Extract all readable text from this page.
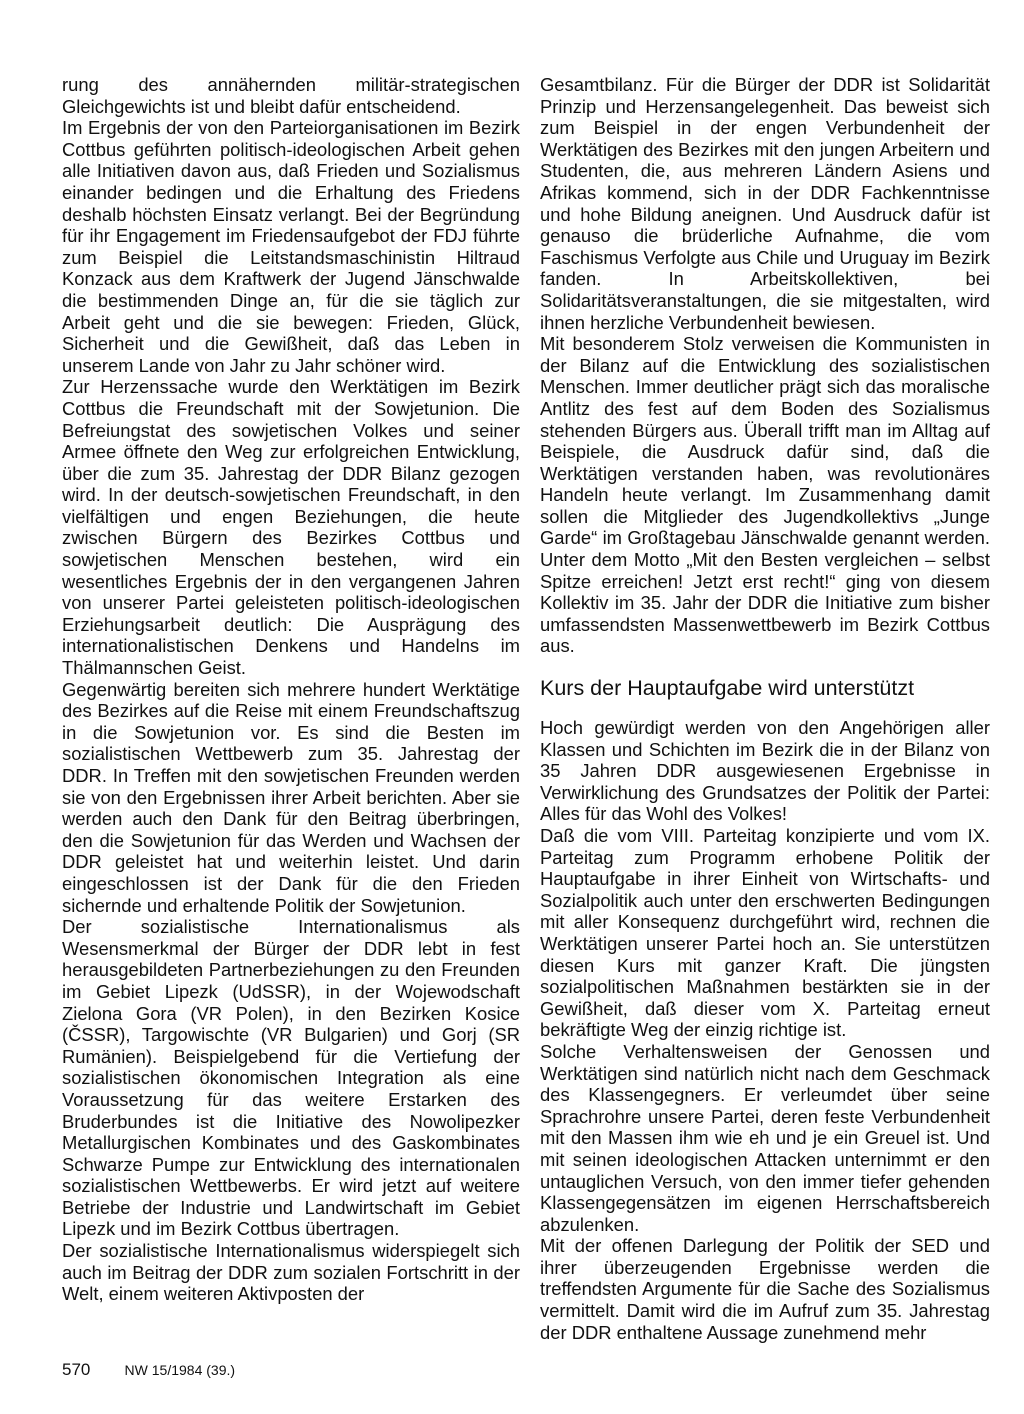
rung des annähernden militär-strategischen Gleichgewichts ist und bleibt dafür entscheidend.

Im Ergebnis der von den Parteiorganisationen im Bezirk Cottbus geführten politisch-ideologischen Arbeit gehen alle Initiativen davon aus, daß Frieden und Sozialismus einander bedingen und die Erhaltung des Friedens deshalb höchsten Einsatz verlangt. Bei der Begründung für ihr Engagement im Friedensaufgebot der FDJ führte zum Beispiel die Leitstandsmaschinistin Hiltraud Konzack aus dem Kraftwerk der Jugend Jänschwalde die bestimmenden Dinge an, für die sie täglich zur Arbeit geht und die sie bewegen: Frieden, Glück, Sicherheit und die Gewißheit, daß das Leben in unserem Lande von Jahr zu Jahr schöner wird.

Zur Herzenssache wurde den Werktätigen im Bezirk Cottbus die Freundschaft mit der Sowjetunion. Die Befreiungstat des sowjetischen Volkes und seiner Armee öffnete den Weg zur erfolgreichen Entwicklung, über die zum 35. Jahrestag der DDR Bilanz gezogen wird. In der deutsch-sowjetischen Freundschaft, in den vielfältigen und engen Beziehungen, die heute zwischen Bürgern des Bezirkes Cottbus und sowjetischen Menschen bestehen, wird ein wesentliches Ergebnis der in den vergangenen Jahren von unserer Partei geleisteten politisch-ideologischen Erziehungsarbeit deutlich: Die Ausprägung des internationalistischen Denkens und Handelns im Thälmannschen Geist.

Gegenwärtig bereiten sich mehrere hundert Werktätige des Bezirkes auf die Reise mit einem Freundschaftszug in die Sowjetunion vor. Es sind die Besten im sozialistischen Wettbewerb zum 35. Jahrestag der DDR. In Treffen mit den sowjetischen Freunden werden sie von den Ergebnissen ihrer Arbeit berichten. Aber sie werden auch den Dank für den Beitrag überbringen, den die Sowjetunion für das Werden und Wachsen der DDR geleistet hat und weiterhin leistet. Und darin eingeschlossen ist der Dank für die den Frieden sichernde und erhaltende Politik der Sowjetunion.

Der sozialistische Internationalismus als Wesensmerkmal der Bürger der DDR lebt in fest herausgebildeten Partnerbeziehungen zu den Freunden im Gebiet Lipezk (UdSSR), in der Wojewodschaft Zielona Gora (VR Polen), in den Bezirken Kosice (ČSSR), Targowischte (VR Bulgarien) und Gorj (SR Rumänien). Beispielgebend für die Vertiefung der sozialistischen ökonomischen Integration als eine Voraussetzung für das weitere Erstarken des Bruderbundes ist die Initiative des Nowolipezker Metallurgischen Kombinates und des Gaskombinates Schwarze Pumpe zur Entwicklung des internationalen sozialistischen Wettbewerbs. Er wird jetzt auf weitere Betriebe der Industrie und Landwirtschaft im Gebiet Lipezk und im Bezirk Cottbus übertragen.

Der sozialistische Internationalismus widerspiegelt sich auch im Beitrag der DDR zum sozialen Fortschritt in der Welt, einem weiteren Aktivposten der

Gesamtbilanz. Für die Bürger der DDR ist Solidarität Prinzip und Herzensangelegenheit. Das beweist sich zum Beispiel in der engen Verbundenheit der Werktätigen des Bezirkes mit den jungen Arbeitern und Studenten, die, aus mehreren Ländern Asiens und Afrikas kommend, sich in der DDR Fachkenntnisse und hohe Bildung aneignen. Und Ausdruck dafür ist genauso die brüderliche Aufnahme, die vom Faschismus Verfolgte aus Chile und Uruguay im Bezirk fanden. In Arbeitskollektiven, bei Solidaritätsveranstaltungen, die sie mitgestalten, wird ihnen herzliche Verbundenheit bewiesen.

Mit besonderem Stolz verweisen die Kommunisten in der Bilanz auf die Entwicklung des sozialistischen Menschen. Immer deutlicher prägt sich das moralische Antlitz des fest auf dem Boden des Sozialismus stehenden Bürgers aus. Überall trifft man im Alltag auf Beispiele, die Ausdruck dafür sind, daß die Werktätigen verstanden haben, was revolutionäres Handeln heute verlangt. Im Zusammenhang damit sollen die Mitglieder des Jugendkollektivs „Junge Garde“ im Großtagebau Jänschwalde genannt werden. Unter dem Motto „Mit den Besten vergleichen – selbst Spitze erreichen! Jetzt erst recht!“ ging von diesem Kollektiv im 35. Jahr der DDR die Initiative zum bisher umfassendsten Massenwettbewerb im Bezirk Cottbus aus.

Kurs der Hauptaufgabe wird unterstützt

Hoch gewürdigt werden von den Angehörigen aller Klassen und Schichten im Bezirk die in der Bilanz von 35 Jahren DDR ausgewiesenen Ergebnisse in Verwirklichung des Grundsatzes der Politik der Partei: Alles für das Wohl des Volkes!

Daß die vom VIII. Parteitag konzipierte und vom IX. Parteitag zum Programm erhobene Politik der Hauptaufgabe in ihrer Einheit von Wirtschafts- und Sozialpolitik auch unter den erschwerten Bedingungen mit aller Konsequenz durchgeführt wird, rechnen die Werktätigen unserer Partei hoch an. Sie unterstützen diesen Kurs mit ganzer Kraft. Die jüngsten sozialpolitischen Maßnahmen bestärkten sie in der Gewißheit, daß dieser vom X. Parteitag erneut bekräftigte Weg der einzig richtige ist.

Solche Verhaltensweisen der Genossen und Werktätigen sind natürlich nicht nach dem Geschmack des Klassengegners. Er verleumdet über seine Sprachrohre unsere Partei, deren feste Verbundenheit mit den Massen ihm wie eh und je ein Greuel ist. Und mit seinen ideologischen Attacken unternimmt er den untauglichen Versuch, von den immer tiefer gehenden Klassengegensätzen im eigenen Herrschaftsbereich abzulenken.

Mit der offenen Darlegung der Politik der SED und ihrer überzeugenden Ergebnisse werden die treffendsten Argumente für die Sache des Sozialismus vermittelt. Damit wird die im Aufruf zum 35. Jahrestag der DDR enthaltene Aussage zunehmend mehr

570 NW 15/1984 (39.)
